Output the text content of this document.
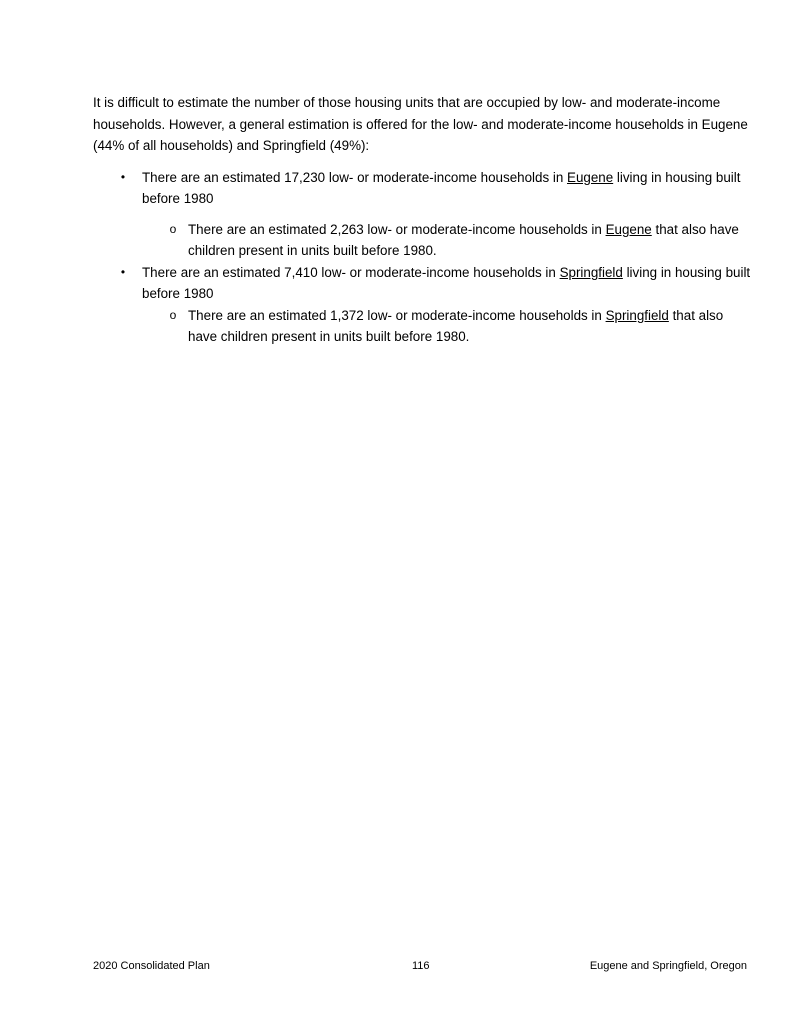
It is difficult to estimate the number of those housing units that are occupied by low- and moderate-income households. However, a general estimation is offered for the low- and moderate-income households in Eugene (44% of all households) and Springfield (49%):

• There are an estimated 17,230 low- or moderate-income households in Eugene living in housing built before 1980
o There are an estimated 2,263 low- or moderate-income households in Eugene that also have children present in units built before 1980.
• There are an estimated 7,410 low- or moderate-income households in Springfield living in housing built before 1980
o There are an estimated 1,372 low- or moderate-income households in Springfield that also have children present in units built before 1980.
2020 Consolidated Plan	116	Eugene and Springfield, Oregon
